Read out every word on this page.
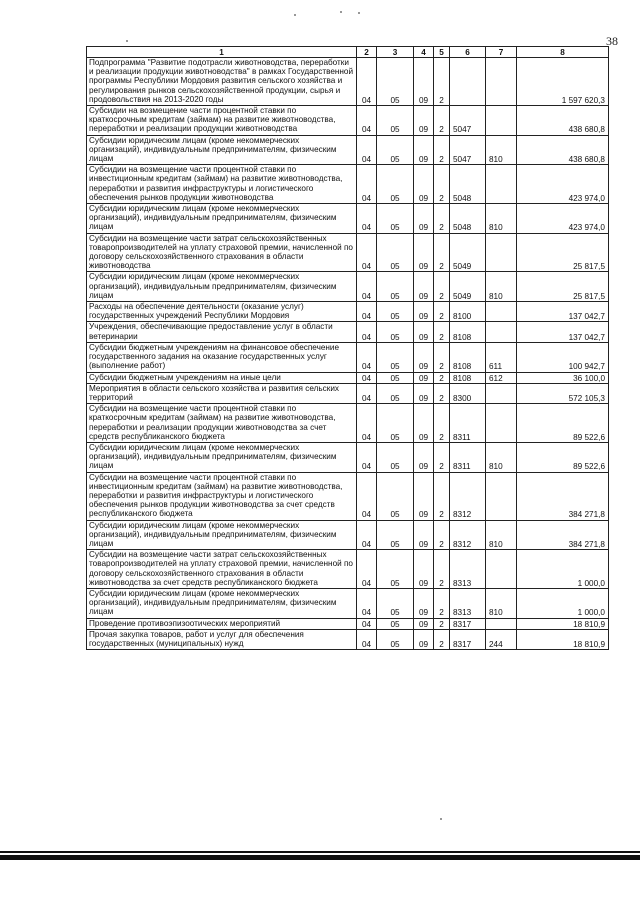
38
1	2	3	4	5	6	7	8
Подпрограмма "Развитие подотрасли животноводства, переработки и реализации продукции животноводства" в рамках Государственной программы Республики Мордовия развития сельского хозяйства и регулирования рынков сельскохозяйственной продукции, сырья и продовольствия на 2013-2020 годы	04	05	09	2			1 597 620,3
Субсидии на возмещение части процентной ставки по краткосрочным кредитам (займам) на развитие животноводства, переработки и реализации продукции животноводства	04	05	09	2	5047		438 680,8
Субсидии юридическим лицам (кроме некоммерческих организаций), индивидуальным предпринимателям, физическим лицам	04	05	09	2	5047	810	438 680,8
Субсидии на возмещение части процентной ставки по инвестиционным кредитам (займам) на развитие животноводства, переработки и развития инфраструктуры и логистического обеспечения рынков продукции животноводства	04	05	09	2	5048		423 974,0
Субсидии юридическим лицам (кроме некоммерческих организаций), индивидуальным предпринимателям, физическим лицам	04	05	09	2	5048	810	423 974,0
Субсидии на возмещение части затрат сельскохозяйственных товаропроизводителей на уплату страховой премии, начисленной по договору сельскохозяйственного страхования в области животноводства	04	05	09	2	5049		25 817,5
Субсидии юридическим лицам (кроме некоммерческих организаций), индивидуальным предпринимателям, физическим лицам	04	05	09	2	5049	810	25 817,5
Расходы на обеспечение деятельности (оказание услуг) государственных учреждений Республики Мордовия	04	05	09	2	8100		137 042,7
Учреждения, обеспечивающие предоставление услуг в области ветеринарии	04	05	09	2	8108		137 042,7
Субсидии бюджетным учреждениям на финансовое обеспечение государственного задания на оказание государственных услуг (выполнение работ)	04	05	09	2	8108	611	100 942,7
Субсидии бюджетным учреждениям на иные цели	04	05	09	2	8108	612	36 100,0
Мероприятия в области сельского хозяйства и развития сельских территорий	04	05	09	2	8300		572 105,3
Субсидии на возмещение части процентной ставки по краткосрочным кредитам (займам) на развитие животноводства, переработки и реализации продукции животноводства за счет средств республиканского бюджета	04	05	09	2	8311		89 522,6
Субсидии юридическим лицам (кроме некоммерческих организаций), индивидуальным предпринимателям, физическим лицам	04	05	09	2	8311	810	89 522,6
Субсидии на возмещение части процентной ставки по инвестиционным кредитам (займам) на развитие животноводства, переработки и развития инфраструктуры и логистического обеспечения рынков продукции животноводства за счет средств республиканского бюджета	04	05	09	2	8312		384 271,8
Субсидии юридическим лицам (кроме некоммерческих организаций), индивидуальным предпринимателям, физическим лицам	04	05	09	2	8312	810	384 271,8
Субсидии на возмещение части затрат сельскохозяйственных товаропроизводителей на уплату страховой премии, начисленной по договору сельскохозяйственного страхования в области животноводства за счет средств республиканского бюджета	04	05	09	2	8313		1 000,0
Субсидии юридическим лицам (кроме некоммерческих организаций), индивидуальным предпринимателям, физическим лицам	04	05	09	2	8313	810	1 000,0
Проведение противоэпизоотических мероприятий	04	05	09	2	8317		18 810,9
Прочая закупка товаров, работ и услуг для обеспечения государственных (муниципальных) нужд	04	05	09	2	8317	244	18 810,9
